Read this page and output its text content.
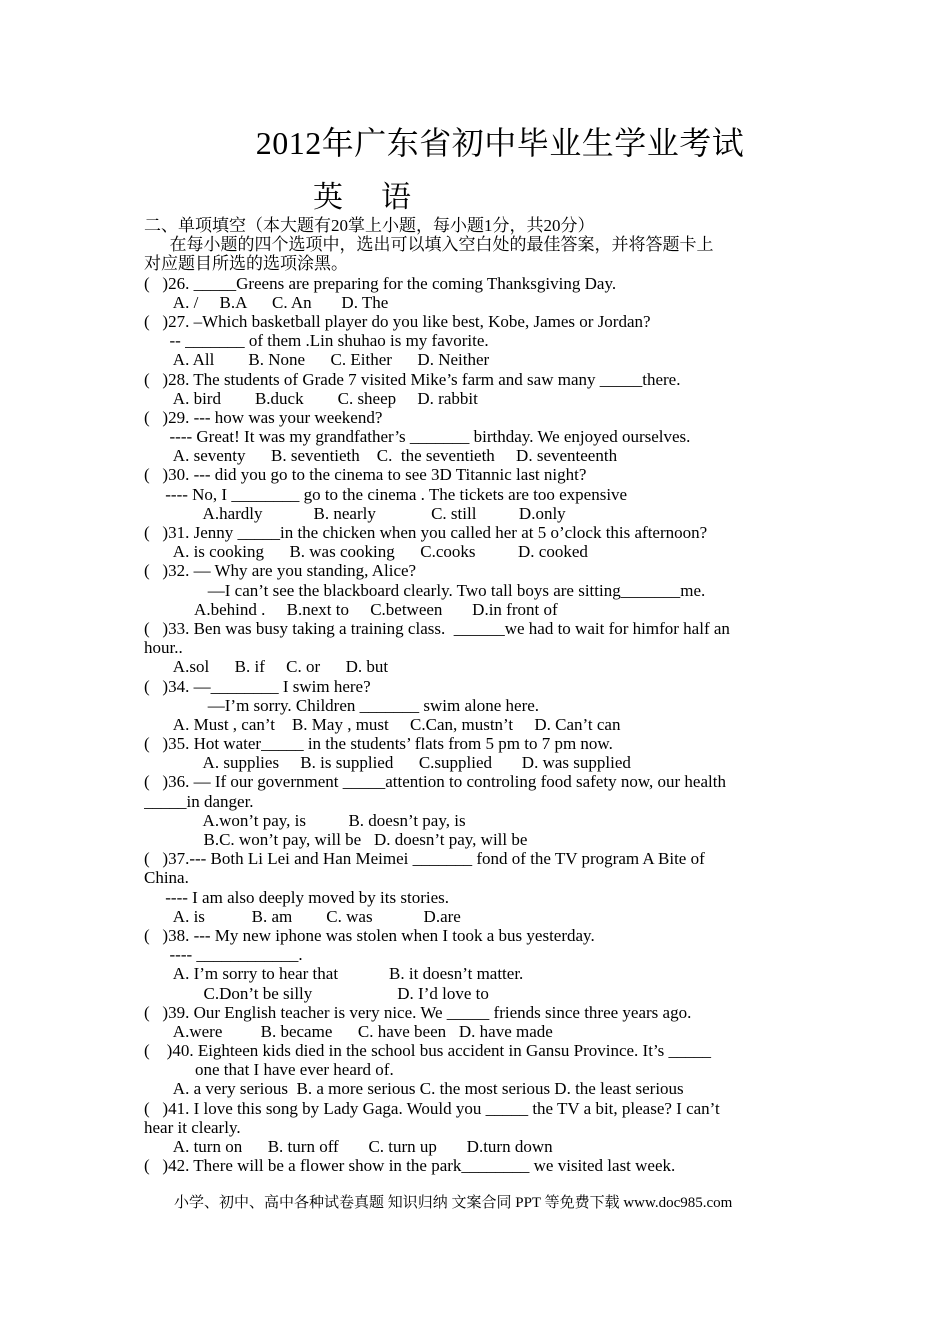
2012年广东省初中毕业生学业考试
英语
二、单项填空（本大题有20掌上小题，每小题1分，共20分）
在每小题的四个选项中，选出可以填入空白处的最佳答案，并将答题卡上
对应题目所选的选项涂黑。
(   )26. _____Greens are preparing for the coming Thanksgiving Day.
A. /     B.A      C. An       D. The
(   )27. –Which basketball player do you like best, Kobe, James or Jordan?
-- _______ of them .Lin shuhao is my favorite.
A. All        B. None      C. Either      D. Neither
(   )28. The students of Grade 7 visited Mike’s farm and saw many _____there.
A. bird        B.duck        C. sheep     D. rabbit
(   )29. --- how was your weekend?
---- Great! It was my grandfather’s _______ birthday. We enjoyed ourselves.
A. seventy      B. seventieth    C.  the seventieth     D. seventeenth
(   )30. --- did you go to the cinema to see 3D Titannic last night?
---- No, I ________ go to the cinema . The tickets are too expensive
A.hardly            B. nearly             C. still          D.only
(   )31. Jenny _____in the chicken when you called her at 5 o’clock this afternoon?
A. is cooking      B. was cooking      C.cooks          D. cooked
(   )32. — Why are you standing, Alice?
—I can’t see the blackboard clearly. Two tall boys are sitting_______me.
A.behind .     B.next to     C.between       D.in front of
(   )33. Ben was busy taking a training class.  ______we had to wait for himfor half an
hour..
A.sol      B. if     C. or      D. but
(   )34. —________ I swim here?
—I’m sorry. Children _______ swim alone here.
A. Must , can’t    B. May , must     C.Can, mustn’t     D. Can’t can
(   )35. Hot water_____ in the students’ flats from 5 pm to 7 pm now.
A. supplies     B. is supplied      C.supplied       D. was supplied
(   )36. — If our government _____attention to controling food safety now, our health
_____in danger.
A.won’t pay, is          B. doesn’t pay, is
B.C. won’t pay, will be   D. doesn’t pay, will be
(   )37.--- Both Li Lei and Han Meimei _______ fond of the TV program A Bite of
China.
---- I am also deeply moved by its stories.
A. is           B. am        C. was            D.are
(   )38. --- My new iphone was stolen when I took a bus yesterday.
---- ____________.
A. I’m sorry to hear that            B. it doesn’t matter.
C.Don’t be silly                    D. I’d love to
(   )39. Our English teacher is very nice. We _____ friends since three years ago.
A.were         B. became      C. have been   D. have made
(    )40. Eighteen kids died in the school bus accident in Gansu Province. It’s _____
one that I have ever heard of.
A. a very serious  B. a more serious C. the most serious D. the least serious
(   )41. I love this song by Lady Gaga. Would you _____ the TV a bit, please? I can’t
hear it clearly.
A. turn on      B. turn off       C. turn up       D.turn down
(   )42. There will be a flower show in the park________ we visited last week.
小学、初中、高中各种试卷真题 知识归纳 文案合同 PPT 等免费下载 www.doc985.com
